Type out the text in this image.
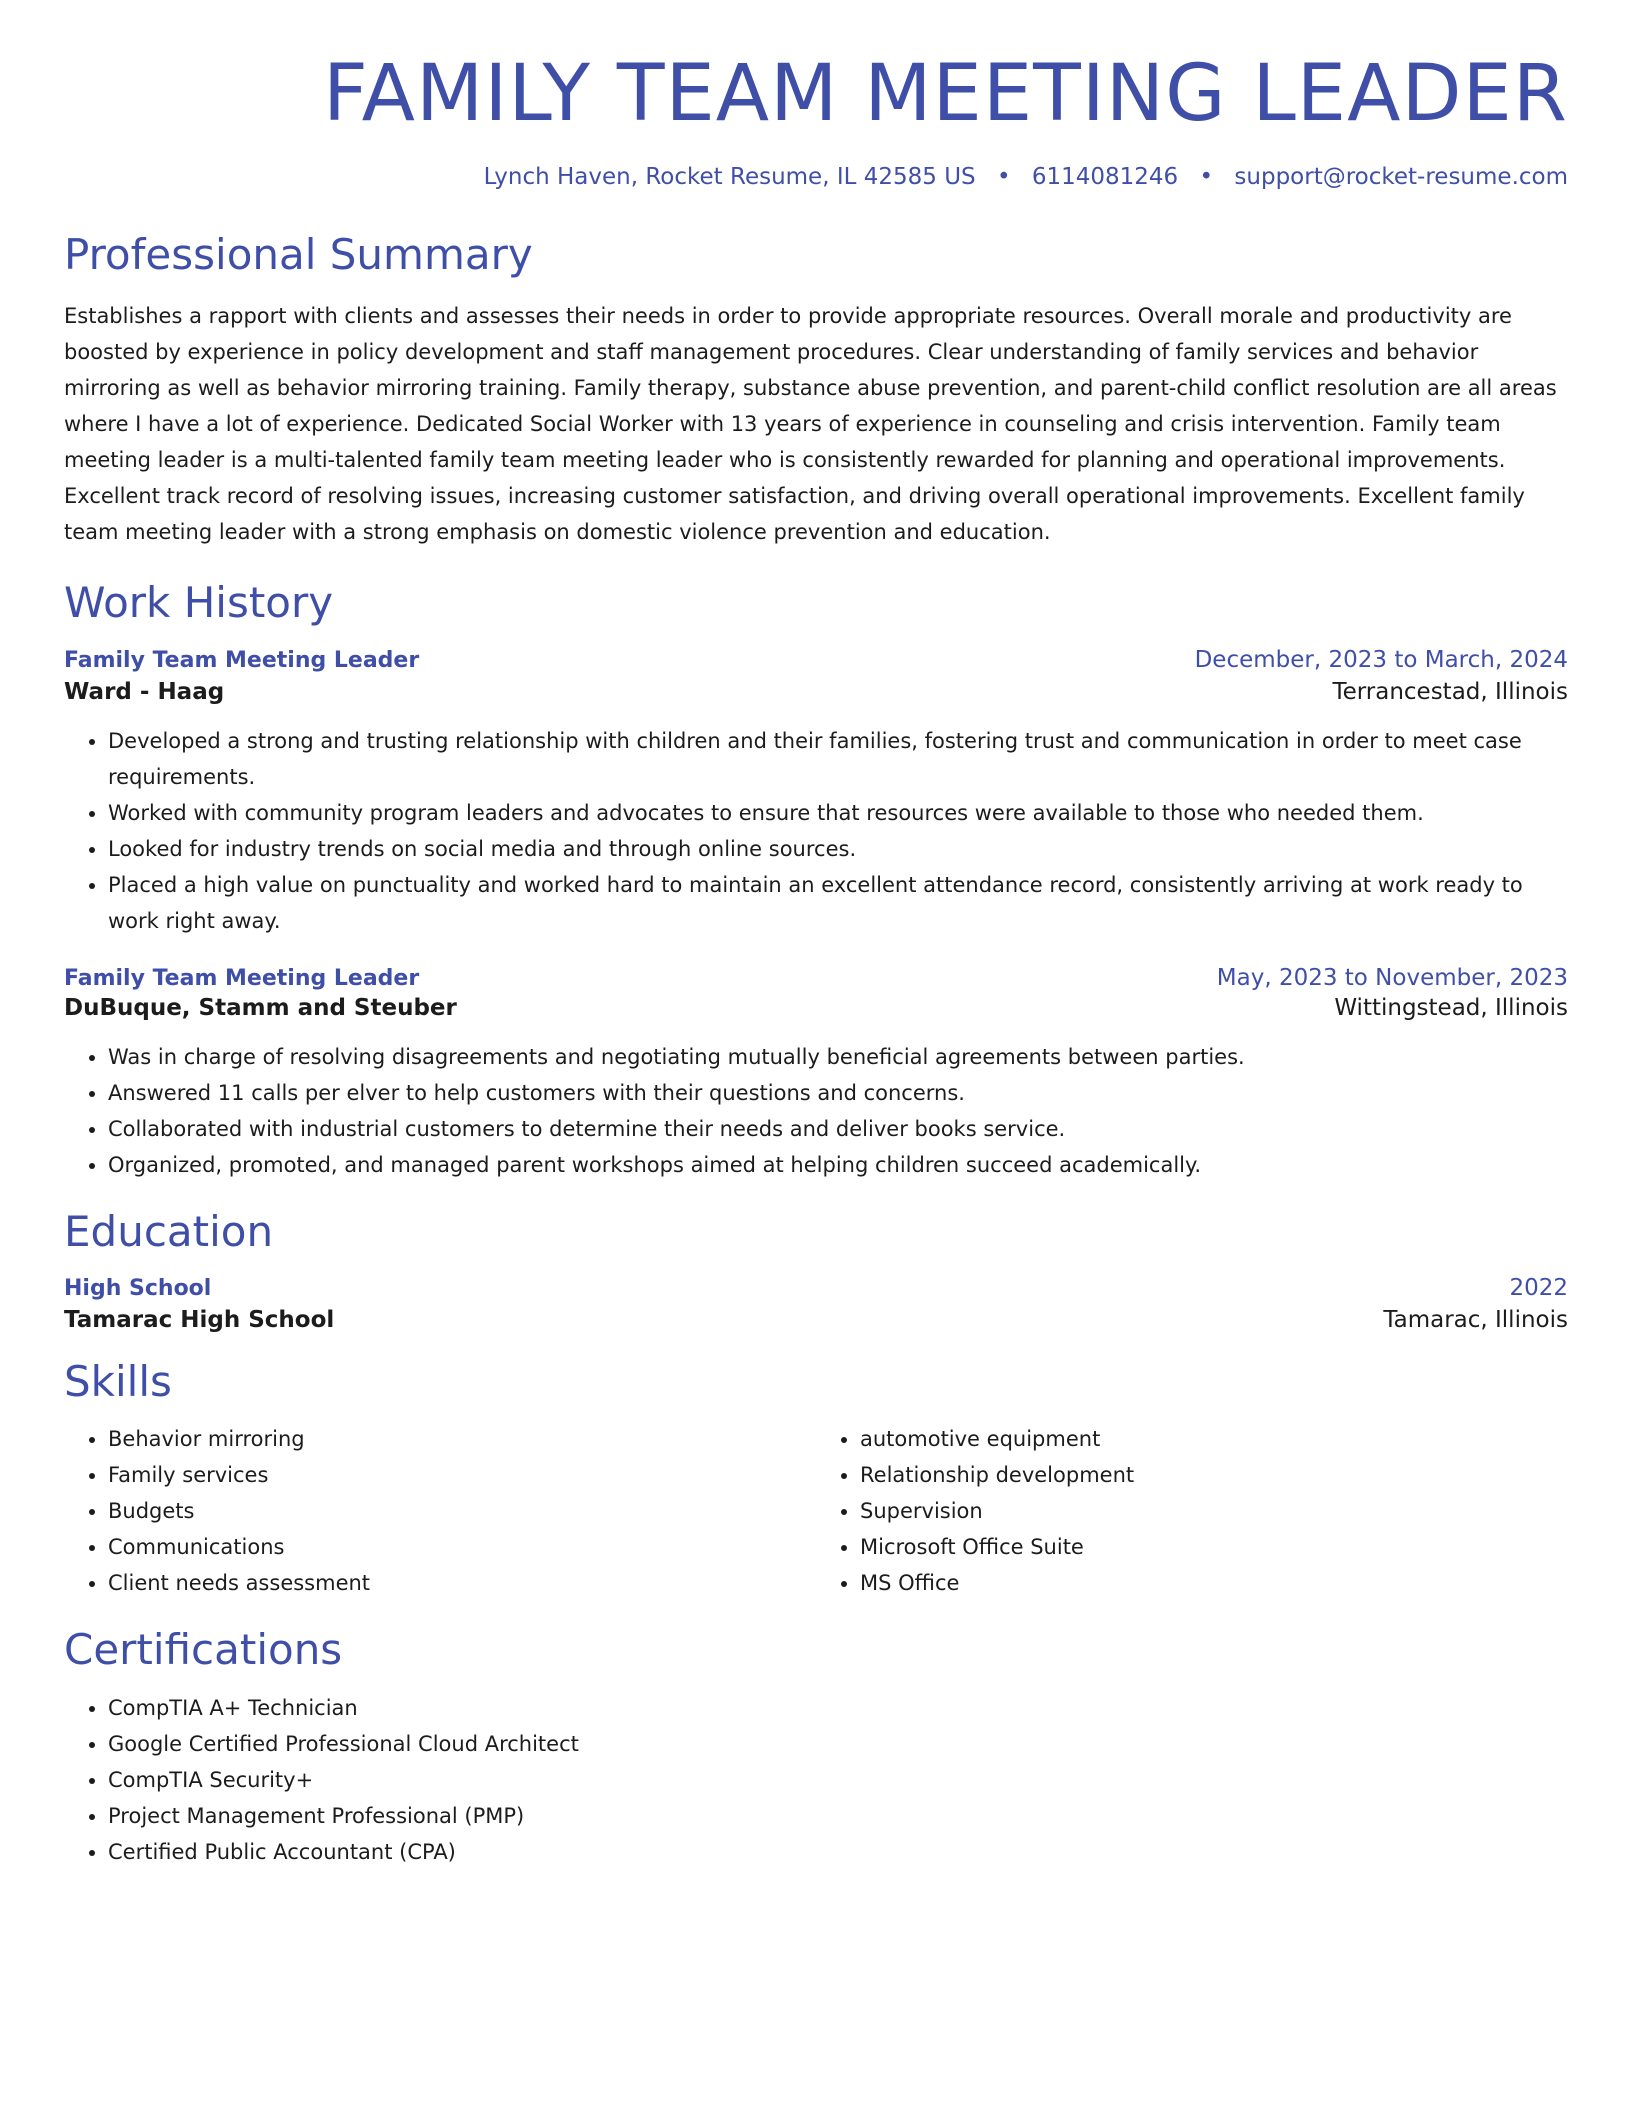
FAMILY TEAM MEETING LEADER
Lynch Haven, Rocket Resume, IL 42585 US • 6114081246 • support@rocket-resume.com
Professional Summary

Establishes a rapport with clients and assesses their needs in order to provide appropriate resources. Overall morale and productivity are boosted by experience in policy development and staff management procedures. Clear understanding of family services and behavior mirroring as well as behavior mirroring training. Family therapy, substance abuse prevention, and parent-child conflict resolution are all areas where I have a lot of experience. Dedicated Social Worker with 13 years of experience in counseling and crisis intervention. Family team meeting leader is a multi-talented family team meeting leader who is consistently rewarded for planning and operational improvements. Excellent track record of resolving issues, increasing customer satisfaction, and driving overall operational improvements. Excellent family team meeting leader with a strong emphasis on domestic violence prevention and education.

Work History
Family Team Meeting Leader	December, 2023 to March, 2024
Ward - Haag	Terrancestad, Illinois
• Developed a strong and trusting relationship with children and their families, fostering trust and communication in order to meet case requirements.
• Worked with community program leaders and advocates to ensure that resources were available to those who needed them.
• Looked for industry trends on social media and through online sources.
• Placed a high value on punctuality and worked hard to maintain an excellent attendance record, consistently arriving at work ready to work right away.
Family Team Meeting Leader	May, 2023 to November, 2023
DuBuque, Stamm and Steuber	Wittingstead, Illinois
• Was in charge of resolving disagreements and negotiating mutually beneficial agreements between parties.
• Answered 11 calls per elver to help customers with their questions and concerns.
• Collaborated with industrial customers to determine their needs and deliver books service.
• Organized, promoted, and managed parent workshops aimed at helping children succeed academically.
Education
High School	2022
Tamarac High School	Tamarac, Illinois
Skills
• Behavior mirroring
• Family services
• Budgets
• Communications
• Client needs assessment
• automotive equipment
• Relationship development
• Supervision
• Microsoft Office Suite
• MS Office
Certifications
• CompTIA A+ Technician
• Google Certified Professional Cloud Architect
• CompTIA Security+
• Project Management Professional (PMP)
• Certified Public Accountant (CPA)
